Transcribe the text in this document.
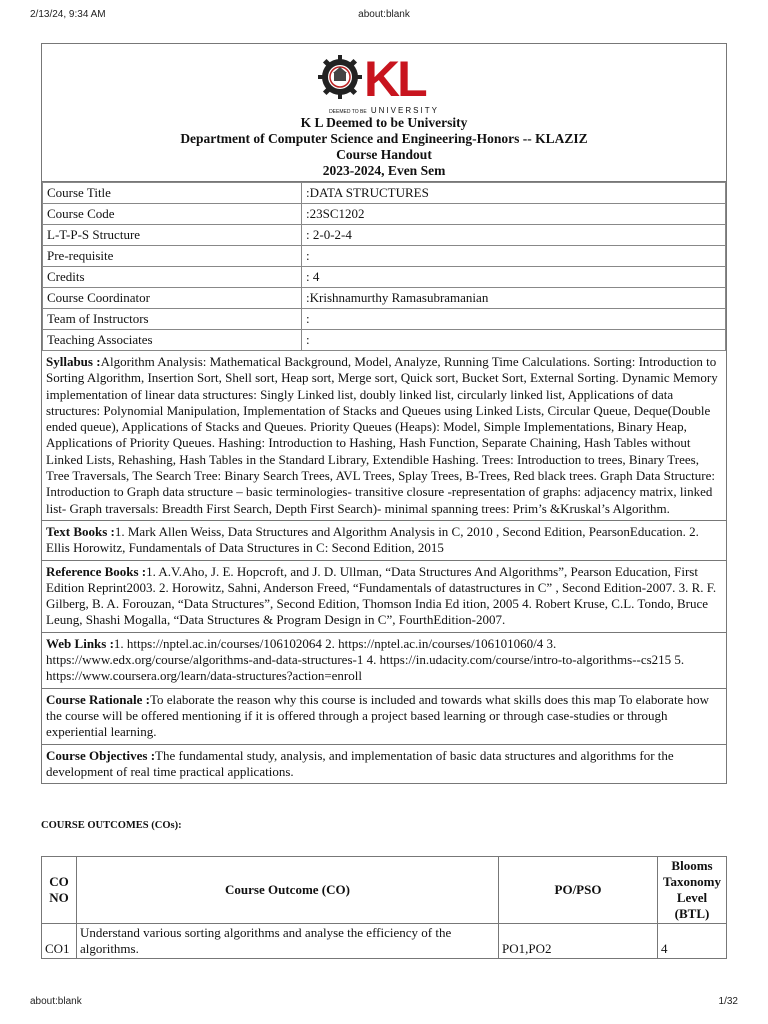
2/13/24, 9:34 AM	about:blank
KL
DEEMED TO BE UNIVERSITY
K L Deemed to be University
Department of Computer Science and Engineering-Honors -- KLAZIZ
Course Handout
2023-2024, Even Sem
Course Title	:DATA STRUCTURES
Course Code	:23SC1202
L-T-P-S Structure	: 2-0-2-4
Pre-requisite	:
Credits	: 4
Course Coordinator	:Krishnamurthy Ramasubramanian
Team of Instructors	:
Teaching Associates	:
Syllabus :Algorithm Analysis: Mathematical Background, Model, Analyze, Running Time Calculations. Sorting: Introduction to Sorting Algorithm, Insertion Sort, Shell sort, Heap sort, Merge sort, Quick sort, Bucket Sort, External Sorting. Dynamic Memory implementation of linear data structures: Singly Linked list, doubly linked list, circularly linked list, Applications of data structures: Polynomial Manipulation, Implementation of Stacks and Queues using Linked Lists, Circular Queue, Deque(Double ended queue), Applications of Stacks and Queues. Priority Queues (Heaps): Model, Simple Implementations, Binary Heap, Applications of Priority Queues. Hashing: Introduction to Hashing, Hash Function, Separate Chaining, Hash Tables without Linked Lists, Rehashing, Hash Tables in the Standard Library, Extendible Hashing. Trees: Introduction to trees, Binary Trees, Tree Traversals, The Search Tree: Binary Search Trees, AVL Trees, Splay Trees, B-Trees, Red black trees. Graph Data Structure: Introduction to Graph data structure – basic terminologies- transitive closure -representation of graphs: adjacency matrix, linked list- Graph traversals: Breadth First Search, Depth First Search)- minimal spanning trees: Prim’s &Kruskal’s Algorithm.
Text Books :1. Mark Allen Weiss, Data Structures and Algorithm Analysis in C, 2010 , Second Edition, PearsonEducation. 2. Ellis Horowitz, Fundamentals of Data Structures in C: Second Edition, 2015
Reference Books :1. A.V.Aho, J. E. Hopcroft, and J. D. Ullman, “Data Structures And Algorithms”, Pearson Education, First Edition Reprint2003. 2. Horowitz, Sahni, Anderson Freed, “Fundamentals of datastructures in C” , Second Edition-2007. 3. R. F. Gilberg, B. A. Forouzan, “Data Structures”, Second Edition, Thomson India Ed ition, 2005 4. Robert Kruse, C.L. Tondo, Bruce Leung, Shashi Mogalla, “Data Structures & Program Design in C”, FourthEdition-2007.
Web Links :1. https://nptel.ac.in/courses/106102064 2. https://nptel.ac.in/courses/106101060/4 3. https://www.edx.org/course/algorithms-and-data-structures-1 4. https://in.udacity.com/course/intro-to-algorithms--cs215 5. https://www.coursera.org/learn/data-structures?action=enroll
Course Rationale :To elaborate the reason why this course is included and towards what skills does this map To elaborate how the course will be offered mentioning if it is offered through a project based learning or through case-studies or through experiential learning.
Course Objectives :The fundamental study, analysis, and implementation of basic data structures and algorithms for the development of real time practical applications.
COURSE OUTCOMES (COs):
CO NO	Course Outcome (CO)	PO/PSO	Blooms Taxonomy Level (BTL)
CO1	Understand various sorting algorithms and analyse the efficiency of the algorithms.	PO1,PO2	4
about:blank	1/32
